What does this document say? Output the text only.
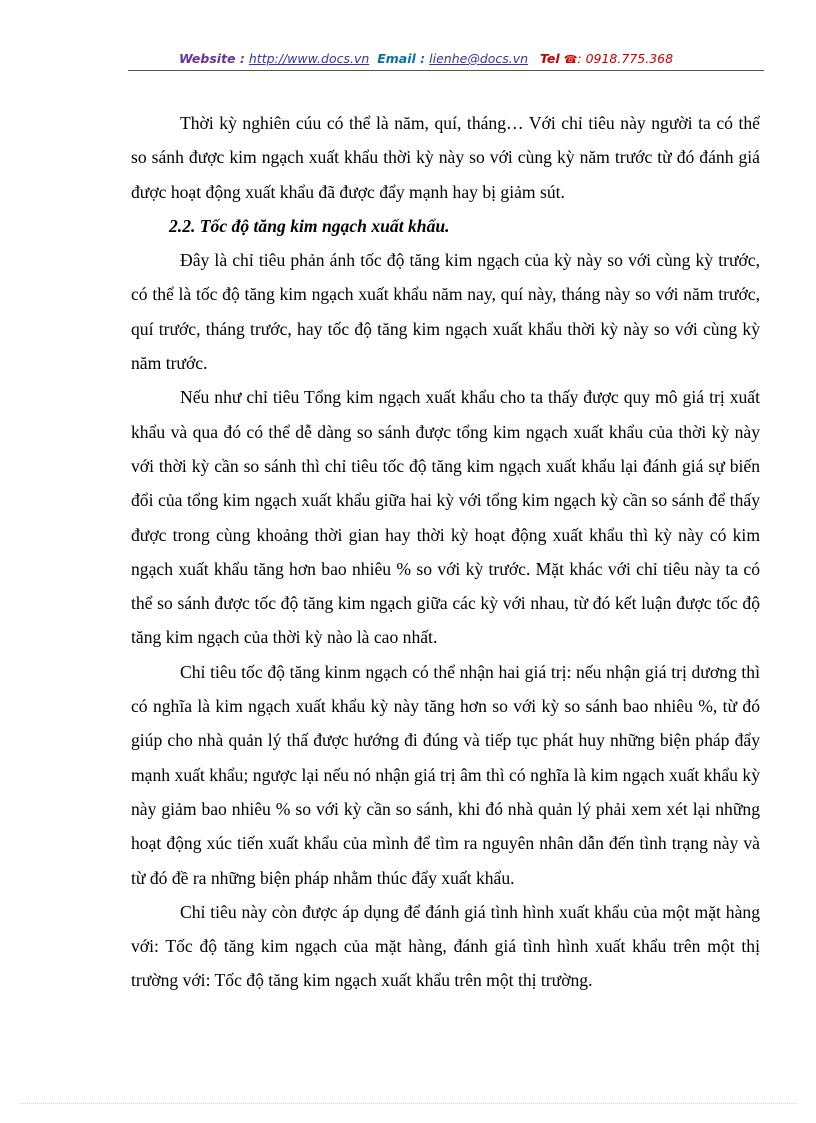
Website : http://www.docs.vn Email : lienhe@docs.vn Tel ☎: 0918.775.368

Thời kỳ nghiên cúu có thể là năm, quí, tháng… Với chỉ tiêu này người ta có thể so sánh được kim ngạch xuất khẩu thời kỳ này so với cùng kỳ năm trước từ đó đánh giá được hoạt động xuất khẩu đã được đẩy mạnh hay bị giảm sút.

2.2. Tốc độ tăng kim ngạch xuất khẩu.

Đây là chỉ tiêu phản ánh tốc độ tăng kim ngạch của kỳ này so với cùng kỳ trước, có thể là tốc độ tăng kim ngạch xuất khẩu năm nay, quí này, tháng này so với năm trước, quí trước, tháng trước, hay tốc độ tăng kim ngạch xuất khẩu thời kỳ này so với cùng kỳ năm trước.

Nếu như chỉ tiêu Tổng kim ngạch xuất khẩu cho ta thấy được quy mô giá trị xuất khẩu và qua đó có thể dễ dàng so sánh được tổng kim ngạch xuất khẩu của thời kỳ này với thời kỳ cần so sánh thì chỉ tiêu tốc độ tăng kim ngạch xuất khẩu lại đánh giá sự biến đổi của tổng kim ngạch xuất khẩu giữa hai kỳ với tổng kim ngạch kỳ cần so sánh để thấy được trong cùng khoảng thời gian hay thời kỳ hoạt động xuất khẩu thì kỳ này có kim ngạch xuất khẩu tăng hơn bao nhiêu % so với kỳ trước. Mặt khác với chỉ tiêu này ta có thể so sánh được tốc độ tăng kim ngạch giữa các kỳ với nhau, từ đó kết luận được tốc độ tăng kim ngạch của thời kỳ nào là cao nhất.

Chỉ tiêu tốc độ tăng kinm ngạch có thể nhận hai giá trị: nếu nhận giá trị dương thì có nghĩa là kim ngạch xuất khẩu kỳ này tăng hơn so với kỳ so sánh bao nhiêu %, từ đó giúp cho nhà quản lý thấ được hướng đi đúng và tiếp tục phát huy những biện pháp đẩy mạnh xuất khẩu; ngược lại nếu nó nhận giá trị âm thì có nghĩa là kim ngạch xuất khẩu kỳ này giảm bao nhiêu % so với kỳ cần so sánh, khi đó nhà quản lý phải xem xét lại những hoạt động xúc tiến xuất khẩu của mình để tìm ra nguyên nhân dẫn đến tình trạng này và từ đó đề ra những biện pháp nhằm thúc đẩy xuất khẩu.

Chỉ tiêu này còn được áp dụng để đánh giá tình hình xuất khẩu của một mặt hàng với: Tốc độ tăng kim ngạch của mặt hàng, đánh giá tình hình xuất khẩu trên một thị trường với: Tốc độ tăng kim ngạch xuất khẩu trên một thị trường.
